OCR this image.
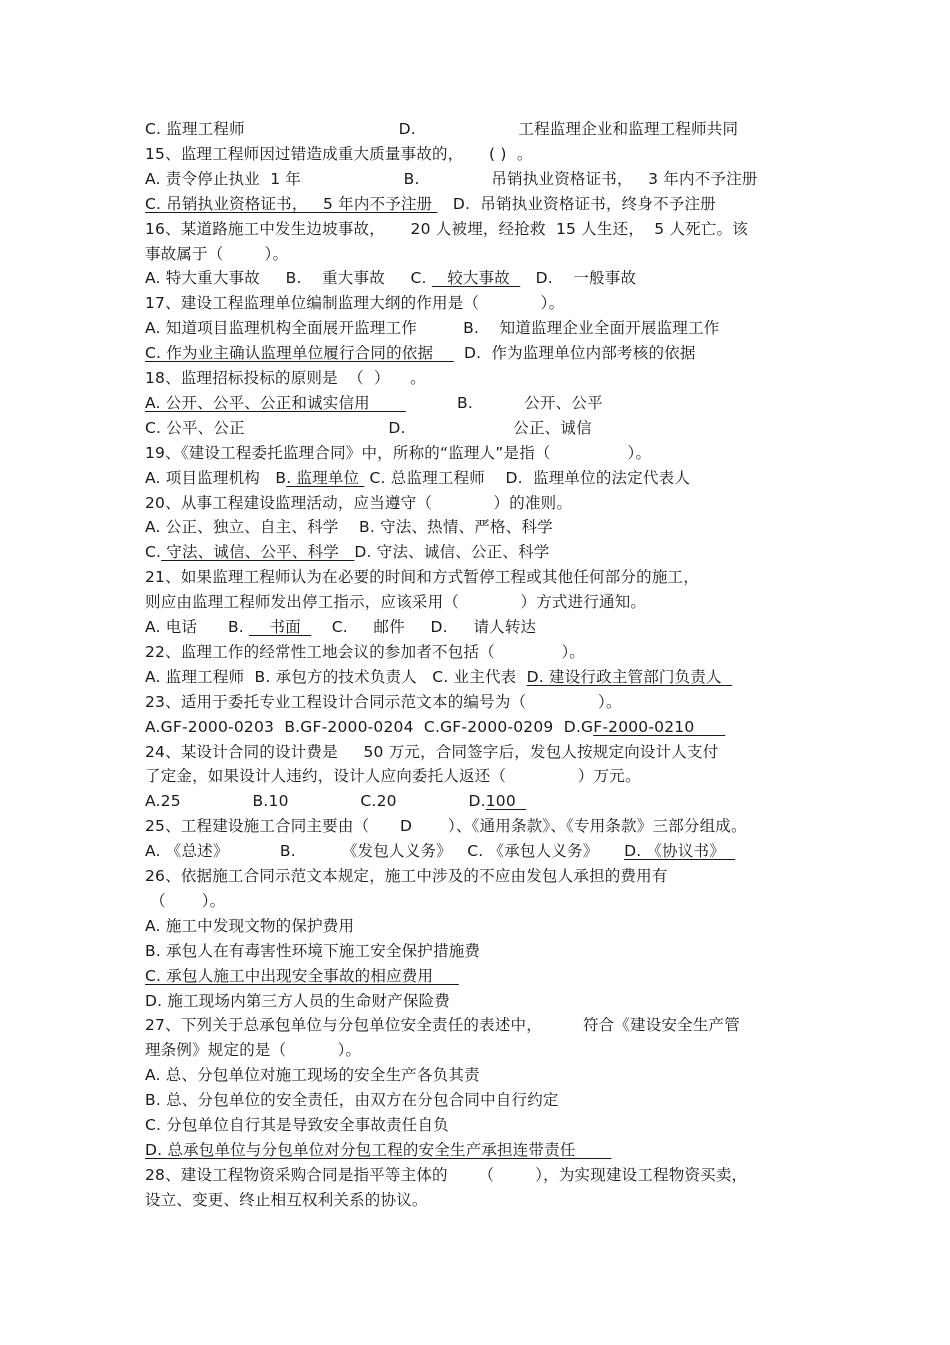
C. 监理工程师                              D.                    工程监理企业和监理工程师共同
15、监理工程师因过错造成重大质量事故的，     ( )  。
A. 责令停止执业  1 年                    B.              吊销执业资格证书，   3 年内不予注册
C. 吊销执业资格证书，   5 年内不予注册    D.  吊销执业资格证书，终身不予注册
16、某道路施工中发生边坡事故，     20 人被埋，经抢救  15 人生还，  5 人死亡。该
事故属于（        ）。
A. 特大重大事故     B.    重大事故     C.    较大事故     D.    一般事故
17、建设工程监理单位编制监理大纲的作用是（            ）。
A. 知道项目监理机构全面展开监理工作         B.    知道监理企业全面开展监理工作
C. 作为业主确认监理单位履行合同的依据      D.  作为监理单位内部考核的依据
18、监理招标投标的原则是  （  ）    。
A. 公开、公平、公正和诚实信用                 B.          公开、公平
C. 公平、公正                            D.                     公正、诚信
19、《建设工程委托监理合同》中，所称的“监理人”是指（               ）。
A. 项目监理机构   B. 监理单位  C. 总监理工程师    D.  监理单位的法定代表人
20、从事工程建设监理活动，应当遵守（            ）的准则。
A. 公正、独立、自主、科学    B. 守法、热情、严格、科学
C. 守法、诚信、公平、科学   D. 守法、诚信、公正、科学
21、如果监理工程师认为在必要的时间和方式暂停工程或其他任何部分的施工，
则应由监理工程师发出停工指示，应该采用（            ）方式进行通知。
A. 电话      B.     书面      C.     邮件     D.     请人转达
22、监理工作的经常性工地会议的参加者不包括（             ）。
A. 监理工程师  B. 承包方的技术负责人   C. 业主代表  D. 建设行政主管部门负责人
23、适用于委托专业工程设计合同示范文本的编号为（              ）。
A.GF-2000-0203  B.GF-2000-0204  C.GF-2000-0209  D.GF-2000-0210
24、某设计合同的设计费是     50 万元，合同签字后，发包人按规定向设计人支付
了定金，如果设计人违约，设计人应向委托人返还（              ）万元。
A.25              B.10              C.20              D.100
25、工程建设施工合同主要由（      D       ）、《通用条款》、《专用条款》三部分组成。
A. 《总述》          B.         《发包人义务》   C. 《承包人义务》     D. 《协议书》
26、依据施工合同示范文本规定，施工中涉及的不应由发包人承担的费用有
（       ）。
A. 施工中发现文物的保护费用
B. 承包人在有毒害性环境下施工安全保护措施费
C. 承包人施工中出现安全事故的相应费用
D. 施工现场内第三方人员的生命财产保险费
27、下列关于总承包单位与分包单位安全责任的表述中，        符合《建设安全生产管
理条例》规定的是（          ）。
A. 总、分包单位对施工现场的安全生产各负其责
B. 总、分包单位的安全责任，由双方在分包合同中自行约定
C. 分包单位自行其是导致安全事故责任自负
D. 总承包单位与分包单位对分包工程的安全生产承担连带责任
28、建设工程物资采购合同是指平等主体的      （        ），为实现建设工程物资买卖，
设立、变更、终止相互权利关系的协议。
